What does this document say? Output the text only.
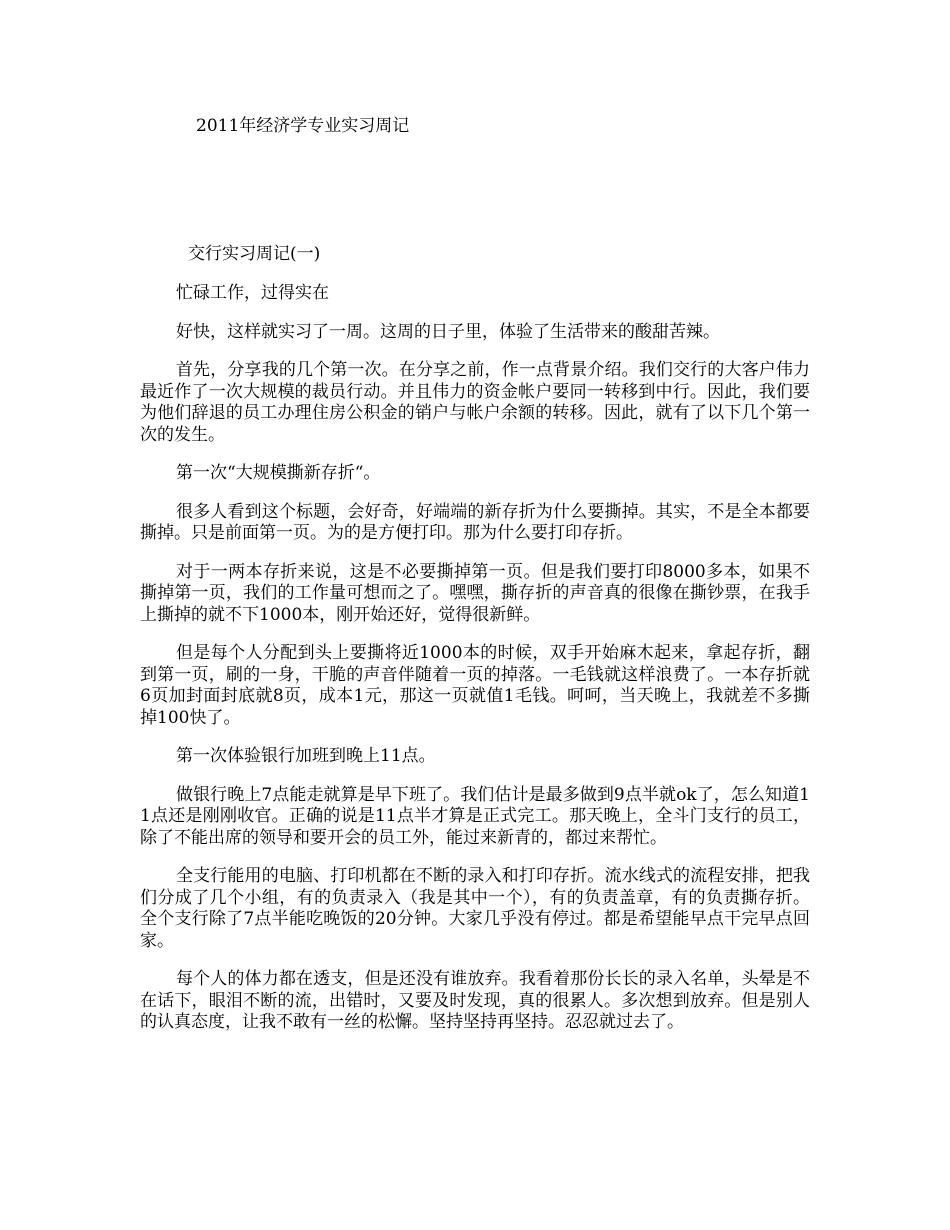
2011年经济学专业实习周记
交行实习周记(一)

忙碌工作，过得实在

好快，这样就实习了一周。这周的日子里，体验了生活带来的酸甜苦辣。

首先，分享我的几个第一次。在分享之前，作一点背景介绍。我们交行的大客户伟力最近作了一次大规模的裁员行动。并且伟力的资金帐户要同一转移到中行。因此，我们要为他们辞退的员工办理住房公积金的销户与帐户余额的转移。因此，就有了以下几个第一次的发生。

第一次“大规模撕新存折“。

很多人看到这个标题，会好奇，好端端的新存折为什么要撕掉。其实，不是全本都要撕掉。只是前面第一页。为的是方便打印。那为什么要打印存折。

对于一两本存折来说，这是不必要撕掉第一页。但是我们要打印8000多本，如果不撕掉第一页，我们的工作量可想而之了。嘿嘿，撕存折的声音真的很像在撕钞票，在我手上撕掉的就不下1000本，刚开始还好，觉得很新鲜。

但是每个人分配到头上要撕将近1000本的时候，双手开始麻木起来，拿起存折，翻到第一页，刷的一身，干脆的声音伴随着一页的掉落。一毛钱就这样浪费了。一本存折就6页加封面封底就8页，成本1元，那这一页就值1毛钱。呵呵，当天晚上，我就差不多撕掉100快了。

第一次体验银行加班到晚上11点。

做银行晚上7点能走就算是早下班了。我们估计是最多做到9点半就ok了，怎么知道11点还是刚刚收官。正确的说是11点半才算是正式完工。那天晚上，全斗门支行的员工，除了不能出席的领导和要开会的员工外，能过来新青的，都过来帮忙。

全支行能用的电脑、打印机都在不断的录入和打印存折。流水线式的流程安排，把我们分成了几个小组，有的负责录入（我是其中一个），有的负责盖章，有的负责撕存折。全个支行除了7点半能吃晚饭的20分钟。大家几乎没有停过。都是希望能早点干完早点回家。

每个人的体力都在透支，但是还没有谁放弃。我看着那份长长的录入名单，头晕是不在话下，眼泪不断的流，出错时，又要及时发现，真的很累人。多次想到放弃。但是别人的认真态度，让我不敢有一丝的松懈。坚持坚持再坚持。忍忍就过去了。
